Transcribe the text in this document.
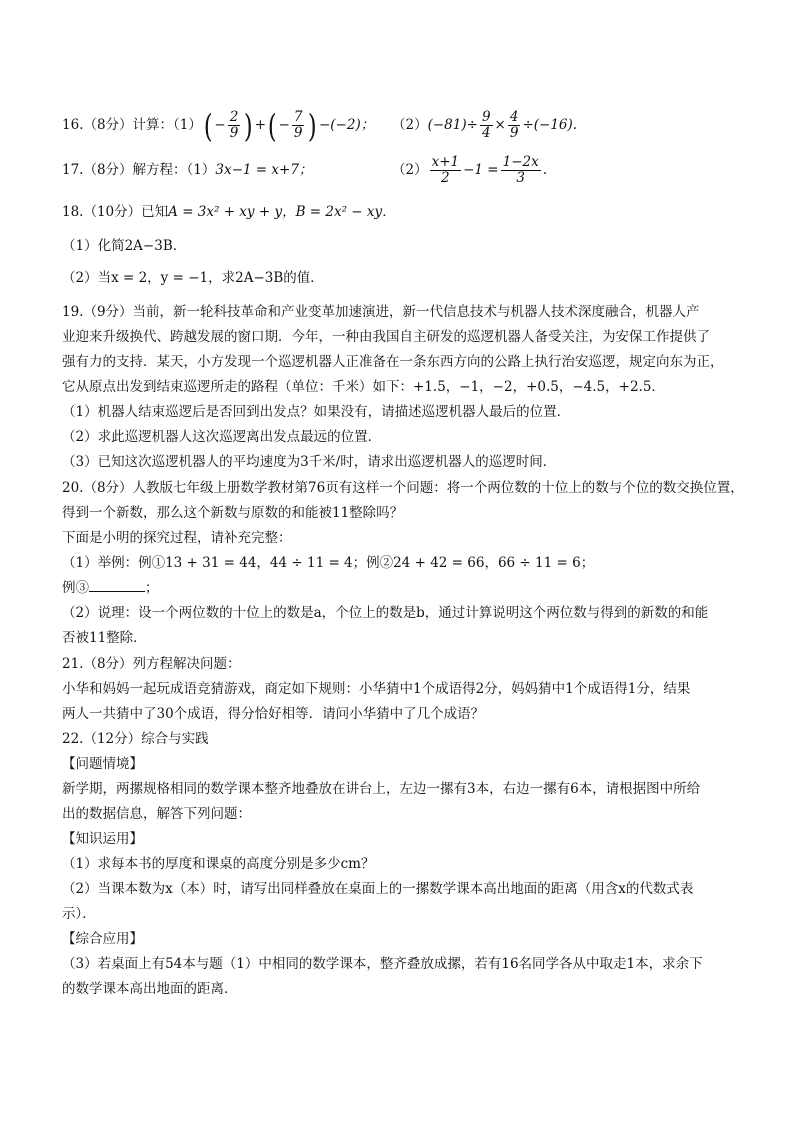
16.（8分）计算：$(1)( - \frac{2}{9}$ ) +( − $\frac{7}{9}$ ) −(−2)； $(2)(-81)\div \frac{9}{4} \times \frac{4}{9} \div(-16)$.
17.（8分）解方程：（1）3x−1 = x+7；	$(2) \frac{x+1}{2} -1 = \frac{1-2x}{3}$ .
18.（10分）已知A = 3x² + xy + y，B = 2x² − xy．
（1）化简2A−3B．
（2）当x = 2，y = −1，求2A−3B的值．
19.（9分）当前，新一轮科技革命和产业变革加速演进，新一代信息技术与机器人技术深度融合，机器人产
业迎来升级换代、跨越发展的窗口期．今年，一种由我国自主研发的巡逻机器人备受关注，为安保工作提供了
强有力的支持．某天，小方发现一个巡逻机器人正准备在一条东西方向的公路上执行治安巡逻，规定向东为正，
它从原点出发到结束巡逻所走的路程（单位：千米）如下：+1.5，−1，−2，+0.5，−4.5，+2.5．
（1）机器人结束巡逻后是否回到出发点？如果没有，请描述巡逻机器人最后的位置．
（2）求此巡逻机器人这次巡逻离出发点最远的位置．
（3）已知这次巡逻机器人的平均速度为3千米/时，请求出巡逻机器人的巡逻时间．
20.（8分）人教版七年级上册数学教材第76页有这样一个问题：将一个两位数的十位上的数与个位的数交换位置，
得到一个新数，那么这个新数与原数的和能被11整除吗？
下面是小明的探究过程，请补充完整：
（1）举例：例①13 + 31 = 44，44 ÷ 11 = 4；例②24 + 42 = 66，66 ÷ 11 = 6；
例③	；
（2）说理：设一个两位数的十位上的数是a，个位上的数是b，通过计算说明这个两位数与得到的新数的和能
否被11整除．
21.（8分）列方程解决问题：
小华和妈妈一起玩成语竞猜游戏，商定如下规则：小华猜中1个成语得2分，妈妈猜中1个成语得1分，结果
两人一共猜中了30个成语，得分恰好相等．请问小华猜中了几个成语？
22.（12分）综合与实践
【问题情境】
新学期，两摞规格相同的数学课本整齐地叠放在讲台上，左边一摞有3本，右边一摞有6本，请根据图中所给
出的数据信息，解答下列问题：
【知识运用】
（1）求每本书的厚度和课桌的高度分别是多少cm？
（2）当课本数为x（本）时，请写出同样叠放在桌面上的一摞数学课本高出地面的距离（用含x的代数式表
示）．
【综合应用】
（3）若桌面上有54本与题（1）中相同的数学课本，整齐叠放成摞，若有16名同学各从中取走1本，求余下
的数学课本高出地面的距离．
